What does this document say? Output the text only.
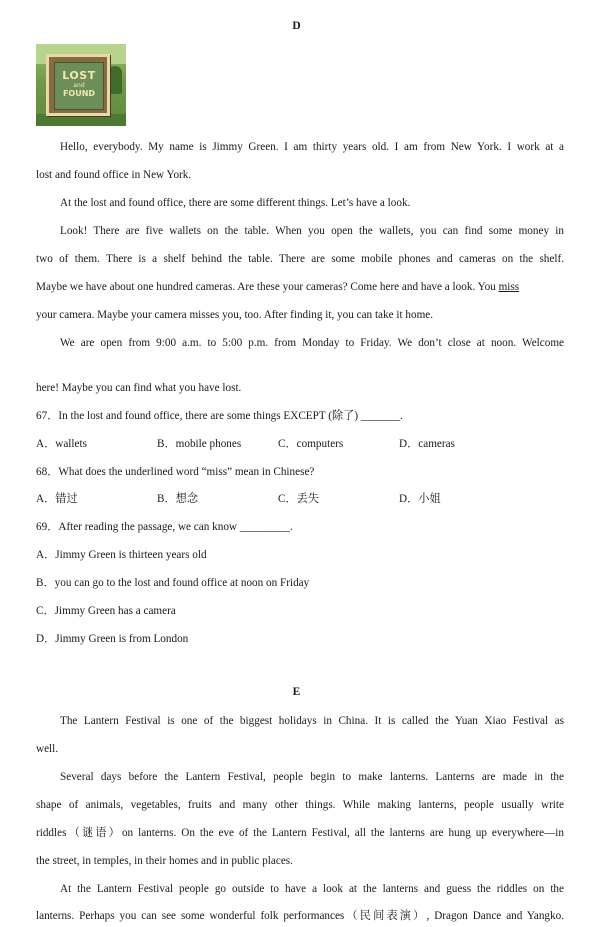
D
LOST
and
FOUND
Hello, everybody. My name is Jimmy Green. I am thirty years old. I am from New York. I work at a
lost and found office in New York.
At the lost and found office, there are some different things. Let’s have a look.
Look! There are five wallets on the table. When you open the wallets, you can find some money in
two of them. There is a shelf behind the table. There are some mobile phones and cameras on the shelf.
Maybe we have about one hundred cameras. Are these your cameras? Come here and have a look. You miss
your camera. Maybe your camera misses you, too. After finding it, you can take it home.
We are open from 9:00 a.m. to 5:00 p.m. from Monday to Friday. We don’t close at noon. Welcome
here! Maybe you can find what you have lost.
67．In the lost and found office, there are some things EXCEPT (除了) _______.
A．wallets	B．mobile phones	C．computers	D．cameras
68．What does the underlined word “miss” mean in Chinese?
A．错过	B．想念	C．丢失	D．小姐
69．After reading the passage, we can know _________.
A．Jimmy Green is thirteen years old
B．you can go to the lost and found office at noon on Friday
C．Jimmy Green has a camera
D．Jimmy Green is from London
E
The Lantern Festival is one of the biggest holidays in China. It is called the Yuan Xiao Festival as
well.
Several days before the Lantern Festival, people begin to make lanterns. Lanterns are made in the
shape of animals, vegetables, fruits and many other things. While making lanterns, people usually write
riddles（谜语）on lanterns. On the eve of the Lantern Festival, all the lanterns are hung up everywhere—in
the street, in temples, in their homes and in public places.
At the Lantern Festival people go outside to have a look at the lanterns and guess the riddles on the
lanterns. Perhaps you can see some wonderful folk performances（民间表演）, Dragon Dance and Yangko.
